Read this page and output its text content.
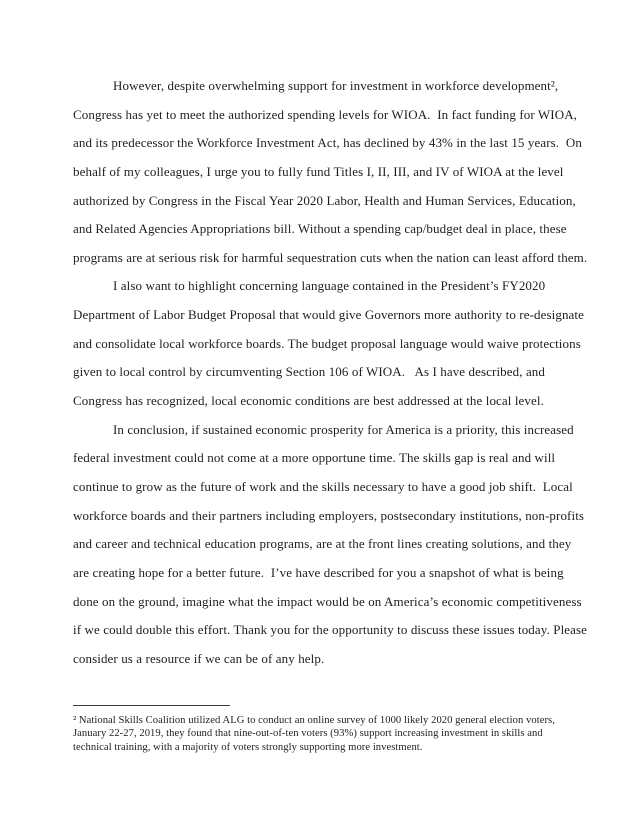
However, despite overwhelming support for investment in workforce development²,
Congress has yet to meet the authorized spending levels for WIOA.  In fact funding for WIOA,
and its predecessor the Workforce Investment Act, has declined by 43% in the last 15 years.  On
behalf of my colleagues, I urge you to fully fund Titles I, II, III, and IV of WIOA at the level
authorized by Congress in the Fiscal Year 2020 Labor, Health and Human Services, Education,
and Related Agencies Appropriations bill. Without a spending cap/budget deal in place, these
programs are at serious risk for harmful sequestration cuts when the nation can least afford them.
I also want to highlight concerning language contained in the President’s FY2020
Department of Labor Budget Proposal that would give Governors more authority to re-designate
and consolidate local workforce boards. The budget proposal language would waive protections
given to local control by circumventing Section 106 of WIOA.   As I have described, and
Congress has recognized, local economic conditions are best addressed at the local level.
In conclusion, if sustained economic prosperity for America is a priority, this increased
federal investment could not come at a more opportune time. The skills gap is real and will
continue to grow as the future of work and the skills necessary to have a good job shift.  Local
workforce boards and their partners including employers, postsecondary institutions, non-profits
and career and technical education programs, are at the front lines creating solutions, and they
are creating hope for a better future.  I’ve have described for you a snapshot of what is being
done on the ground, imagine what the impact would be on America’s economic competitiveness
if we could double this effort. Thank you for the opportunity to discuss these issues today. Please
consider us a resource if we can be of any help.
² National Skills Coalition utilized ALG to conduct an online survey of 1000 likely 2020 general election voters,
January 22-27, 2019, they found that nine-out-of-ten voters (93%) support increasing investment in skills and
technical training, with a majority of voters strongly supporting more investment.
